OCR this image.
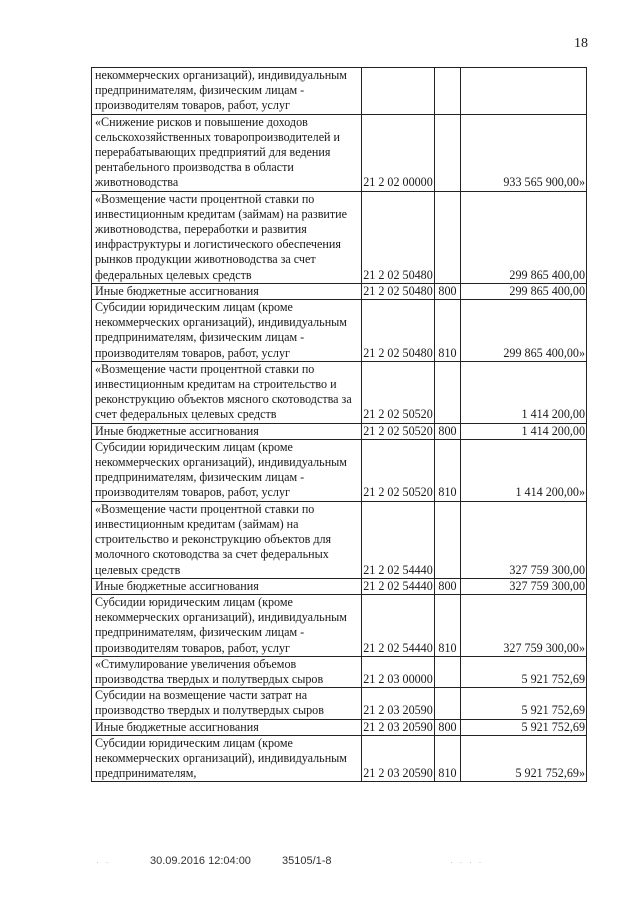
18
некоммерческих организаций), индивидуальным предпринимателям, физическим лицам - производителям товаров, работ, услуг			
«Снижение рисков и повышение доходов сельскохозяйственных товаропроизводителей и перерабатывающих предприятий для ведения рентабельного производства в области животноводства	21 2 02 00000		933 565 900,00»
«Возмещение части процентной ставки по инвестиционным кредитам (займам) на развитие животноводства, переработки и развития инфраструктуры и логистического обеспечения рынков продукции животноводства за счет федеральных целевых средств	21 2 02 50480		299 865 400,00
Иные бюджетные ассигнования	21 2 02 50480	800	299 865 400,00
Субсидии юридическим лицам (кроме некоммерческих организаций), индивидуальным предпринимателям, физическим лицам - производителям товаров, работ, услуг	21 2 02 50480	810	299 865 400,00»
«Возмещение части процентной ставки по инвестиционным кредитам на строительство и реконструкцию объектов мясного скотоводства за счет федеральных целевых средств	21 2 02 50520		1 414 200,00
Иные бюджетные ассигнования	21 2 02 50520	800	1 414 200,00
Субсидии юридическим лицам (кроме некоммерческих организаций), индивидуальным предпринимателям, физическим лицам - производителям товаров, работ, услуг	21 2 02 50520	810	1 414 200,00»
«Возмещение части процентной ставки по инвестиционным кредитам (займам) на строительство и реконструкцию объектов для молочного скотоводства за счет федеральных целевых средств	21 2 02 54440		327 759 300,00
Иные бюджетные ассигнования	21 2 02 54440	800	327 759 300,00
Субсидии юридическим лицам (кроме некоммерческих организаций), индивидуальным предпринимателям, физическим лицам - производителям товаров, работ, услуг	21 2 02 54440	810	327 759 300,00»
«Стимулирование увеличения объемов производства твердых и полутвердых сыров	21 2 03 00000		5 921 752,69
Субсидии на возмещение части затрат на производство твердых и полутвердых сыров	21 2 03 20590		5 921 752,69
Иные бюджетные ассигнования	21 2 03 20590	800	5 921 752,69
Субсидии юридическим лицам (кроме некоммерческих организаций), индивидуальным предпринимателям,	21 2 03 20590	810	5 921 752,69»
30.09.2016 12:04:00	35105/1-8
· ·	· · · ·
